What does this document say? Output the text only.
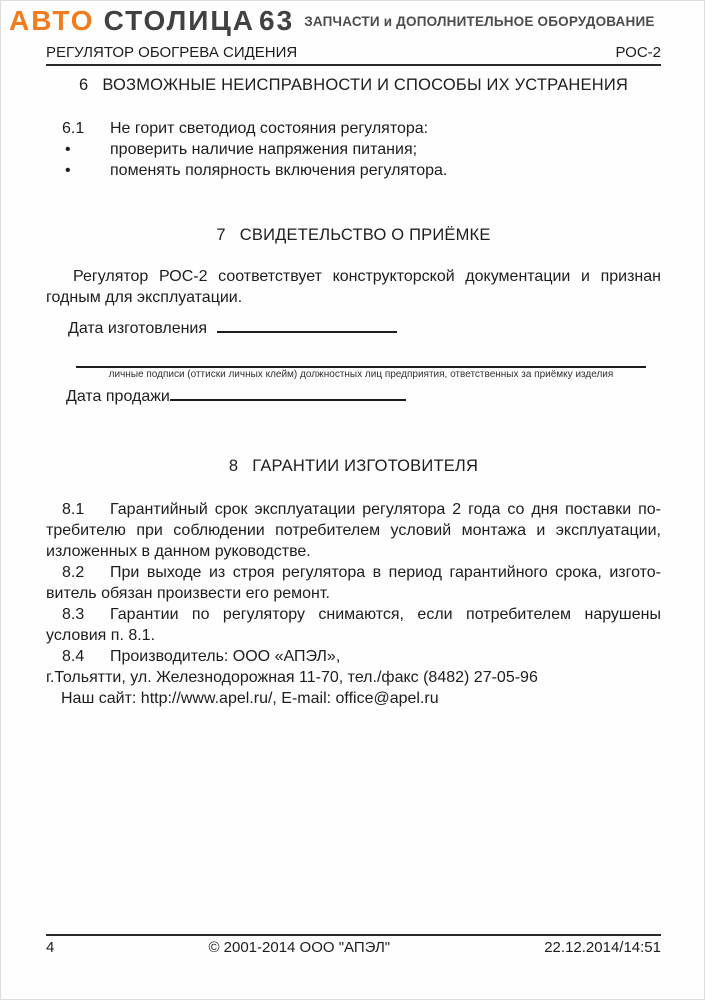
АВТО СТОЛИЦА 63 ЗАПЧАСТИ и ДОПОЛНИТЕЛЬНОЕ ОБОРУДОВАНИЕ
РЕГУЛЯТОР ОБОГРЕВА СИДЕНИЯ	РОС-2
6 ВОЗМОЖНЫЕ НЕИСПРАВНОСТИ И СПОСОБЫ ИХ УСТРАНЕНИЯ
6.1 Не горит светодиод состояния регулятора:
• проверить наличие напряжения питания;
• поменять полярность включения регулятора.
7 СВИДЕТЕЛЬСТВО О ПРИЁМКЕ
Регулятор РОС-2 соответствует конструкторской документации и признан
годным для эксплуатации.
Дата изготовления
личные подписи (оттиски личных клейм) должностных лиц предприятия, ответственных за приёмку изделия
Дата продажи
8 ГАРАНТИИ ИЗГОТОВИТЕЛЯ
8.1 Гарантийный срок эксплуатации регулятора 2 года со дня поставки по-
требителю при соблюдении потребителем условий монтажа и эксплуатации,
изложенных в данном руководстве.
8.2 При выходе из строя регулятора в период гарантийного срока, изгото-
витель обязан произвести его ремонт.
8.3 Гарантии по регулятору снимаются, если потребителем нарушены
условия п. 8.1.
8.4 Производитель: ООО «АПЭЛ»,
г.Тольятти, ул. Железнодорожная 11-70, тел./факс (8482) 27-05-96
Наш сайт: http://www.apel.ru/, E-mail: office@apel.ru
4	© 2001-2014 ООО "АПЭЛ"	22.12.2014/14:51
